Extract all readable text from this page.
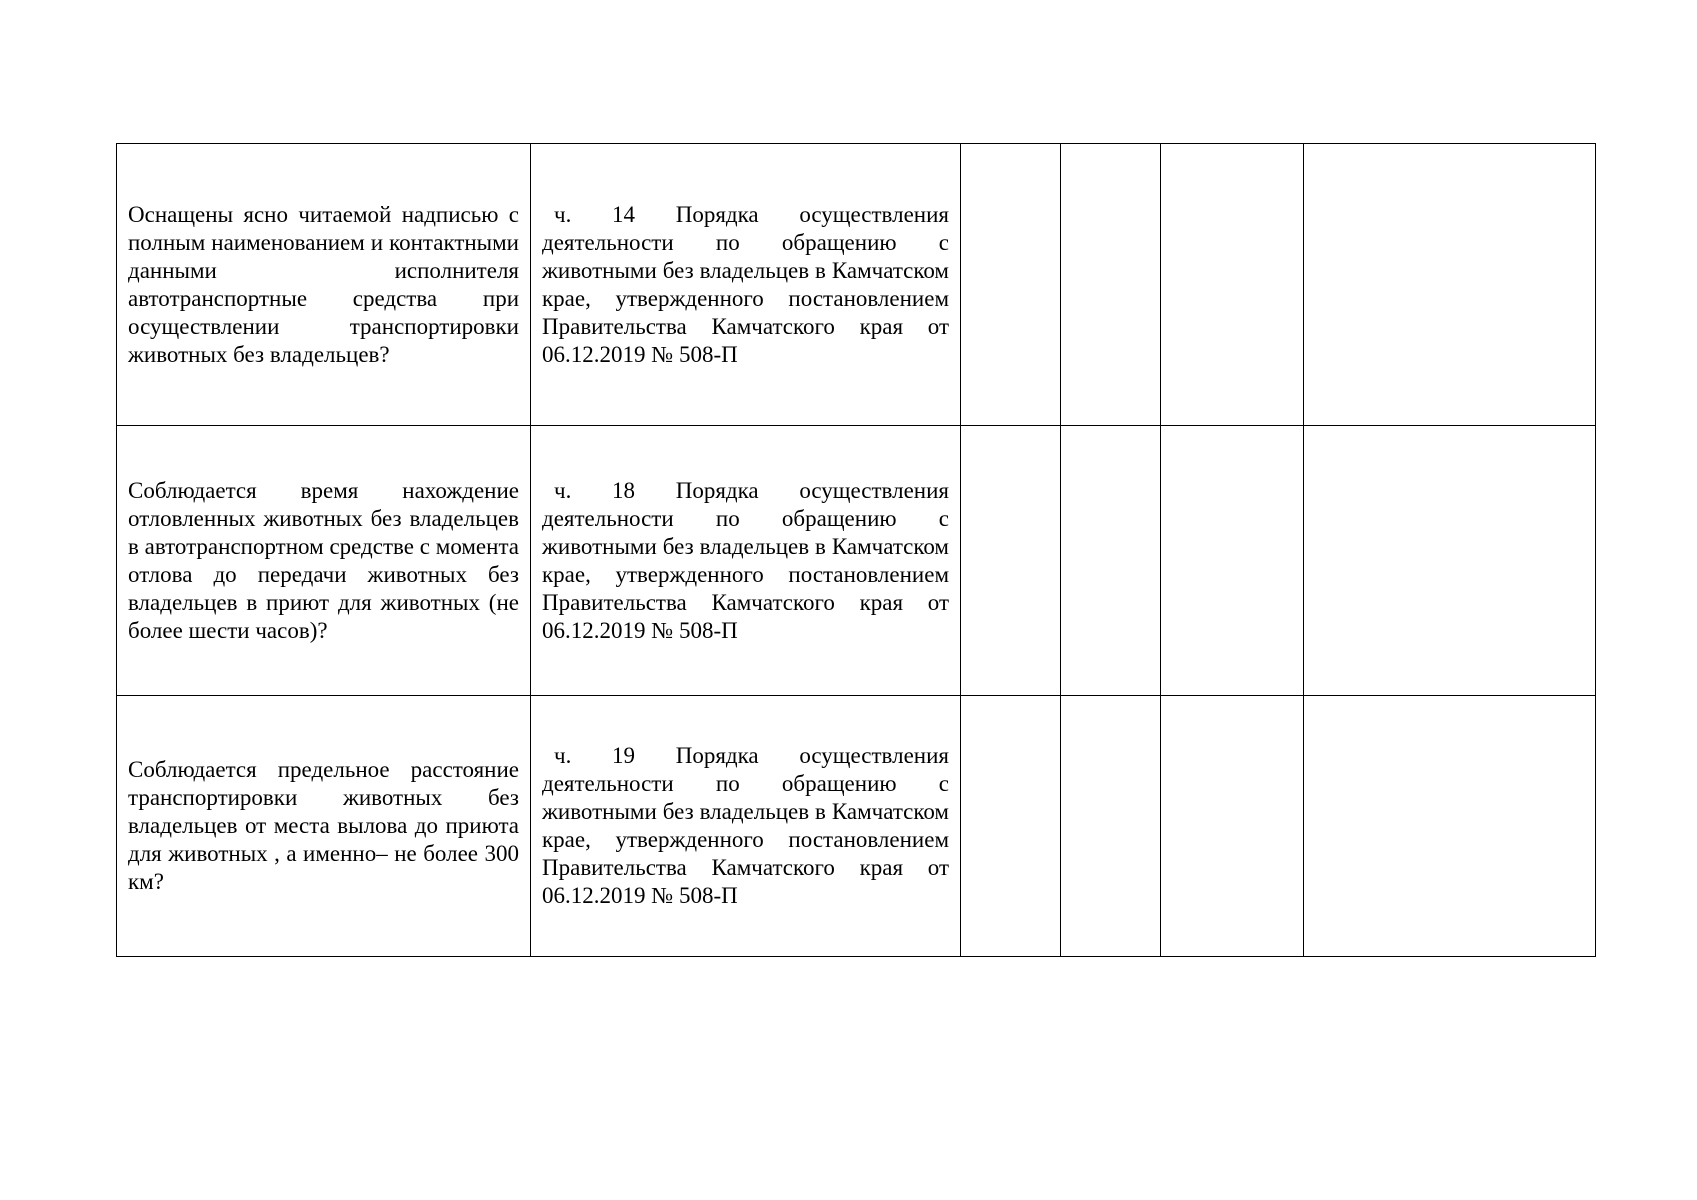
Оснащены ясно читаемой надписью с полным наименованием и контактными данными исполнителя автотранспортные средства при осуществлении транспортировки животных без владельцев?	ч. 14 Порядка осуществления деятельности по обращению с животными без владельцев в Камчатском крае, утвержденного постановлением Правительства Камчатского края от 06.12.2019 № 508-П				

Соблюдается время нахождение отловленных животных без владельцев в автотранспортном средстве с момента отлова до передачи животных без владельцев в приют для животных (не более шести часов)?	ч. 18 Порядка осуществления деятельности по обращению с животными без владельцев в Камчатском крае, утвержденного постановлением Правительства Камчатского края от 06.12.2019 № 508-П				

Соблюдается предельное расстояние транспортировки животных без владельцев от места вылова до приюта для животных , а именно– не более 300 км?	ч. 19 Порядка осуществления деятельности по обращению с животными без владельцев в Камчатском крае, утвержденного постановлением Правительства Камчатского края от 06.12.2019 № 508-П				
